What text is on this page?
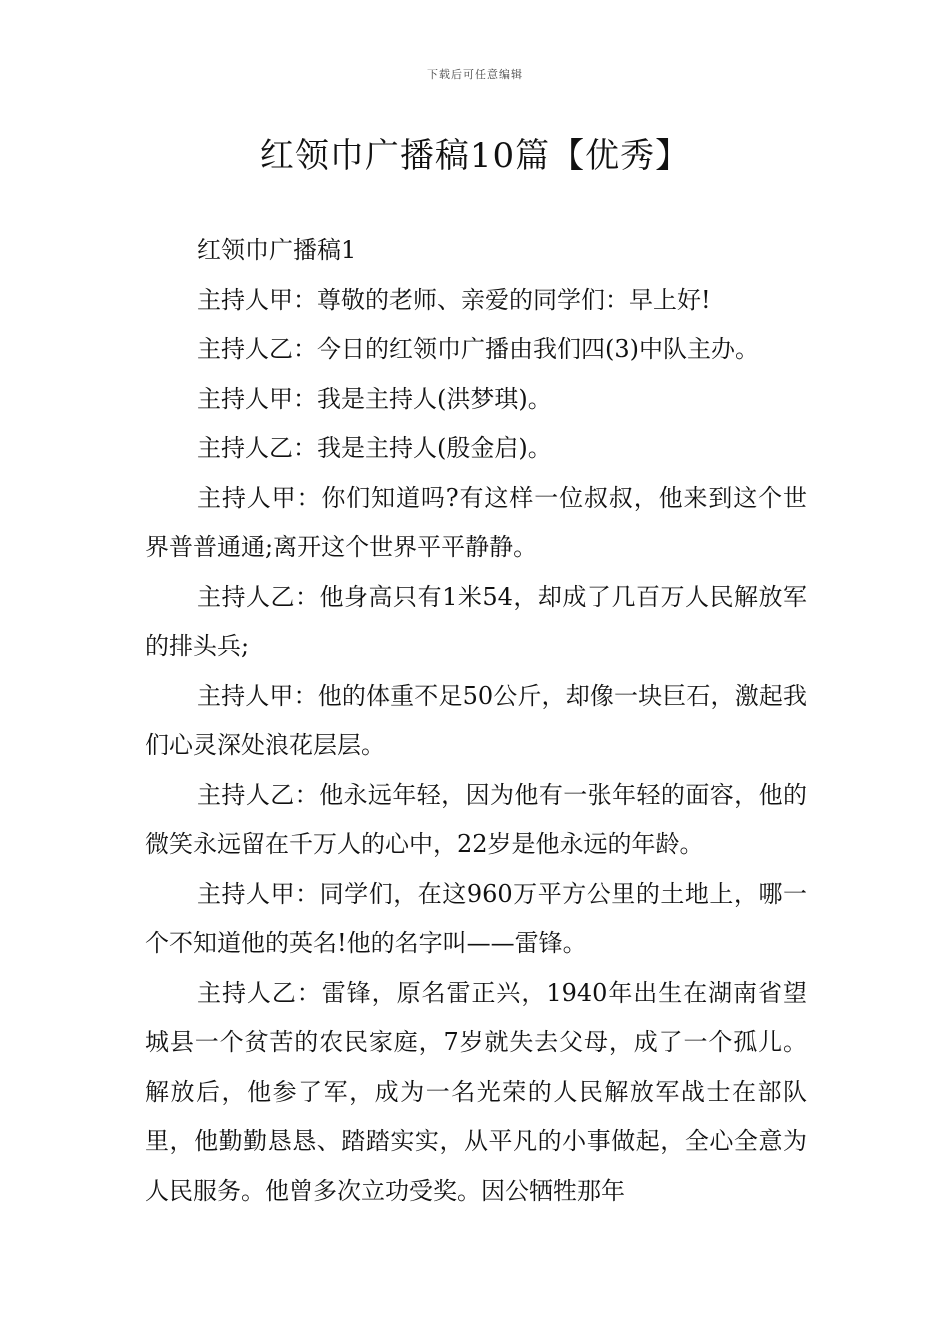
下载后可任意编辑
红领巾广播稿10篇【优秀】

红领巾广播稿1

主持人甲：尊敬的老师、亲爱的同学们：早上好!

主持人乙：今日的红领巾广播由我们四(3)中队主办。

主持人甲：我是主持人(洪梦琪)。

主持人乙：我是主持人(殷金启)。

主持人甲：你们知道吗?有这样一位叔叔，他来到这个世界普普通通;离开这个世界平平静静。

主持人乙：他身高只有1米54，却成了几百万人民解放军的排头兵;

主持人甲：他的体重不足50公斤，却像一块巨石，激起我们心灵深处浪花层层。

主持人乙：他永远年轻，因为他有一张年轻的面容，他的微笑永远留在千万人的心中，22岁是他永远的年龄。

主持人甲：同学们，在这960万平方公里的土地上，哪一个不知道他的英名!他的名字叫——雷锋。

主持人乙：雷锋，原名雷正兴，1940年出生在湖南省望城县一个贫苦的农民家庭，7岁就失去父母，成了一个孤儿。解放后，他参了军，成为一名光荣的人民解放军战士在部队里，他勤勤恳恳、踏踏实实，从平凡的小事做起，全心全意为人民服务。他曾多次立功受奖。因公牺牲那年
